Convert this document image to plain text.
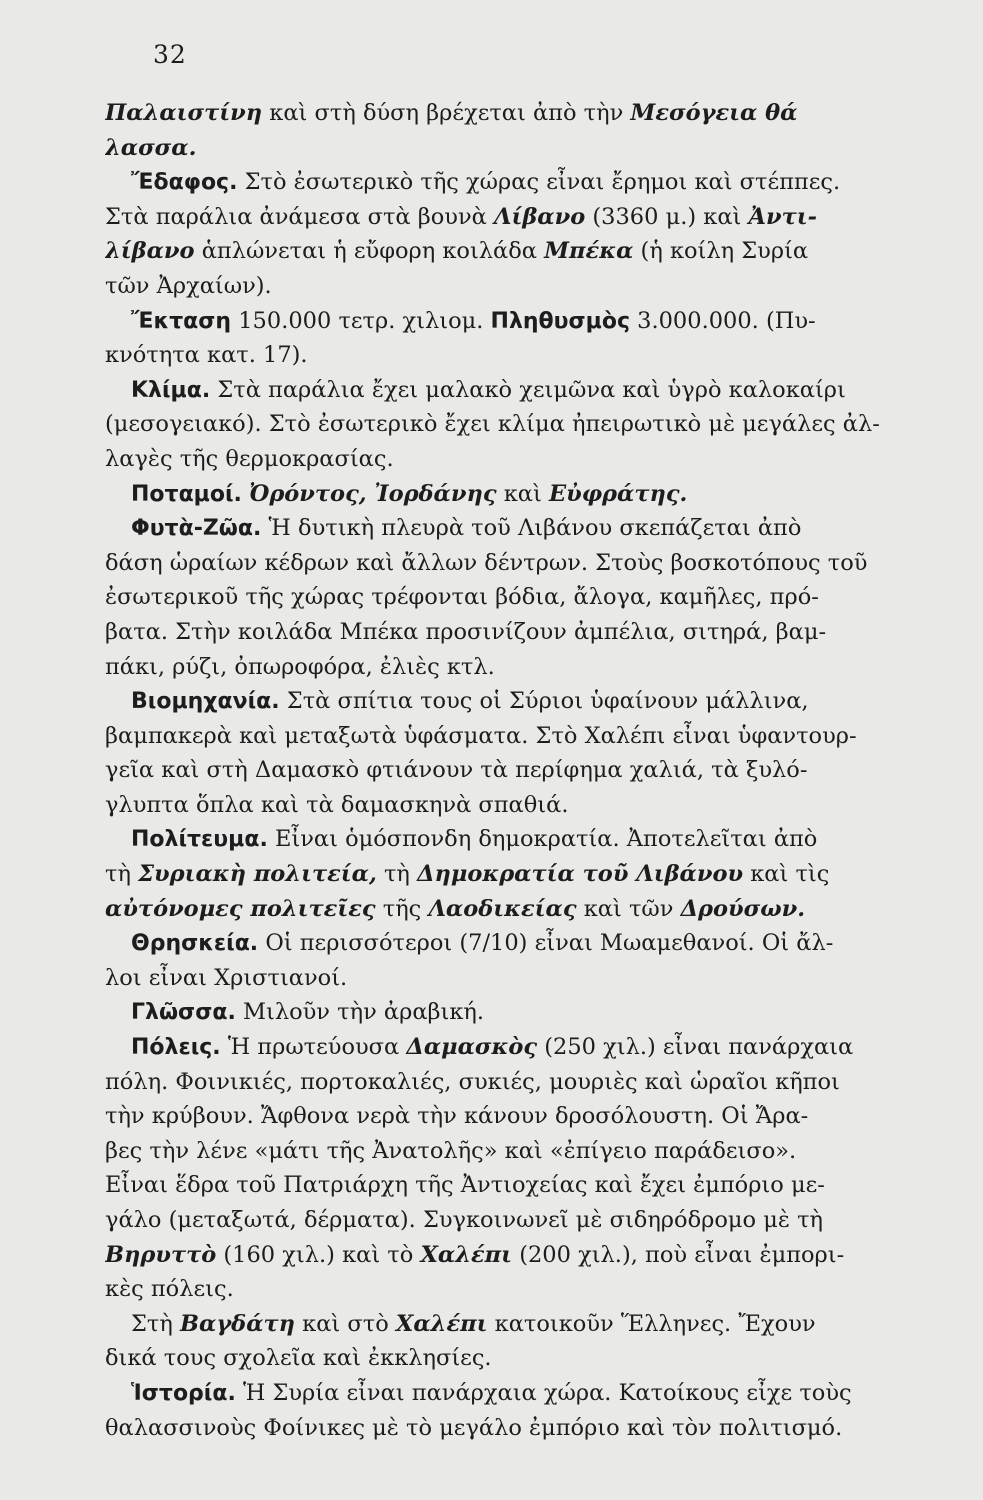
32
Παλαιστίνη καὶ στὴ δύση βρέχεται ἀπὸ τὴν Μεσόγεια θά
λασσα.
Ἔδαφος. Στὸ ἐσωτερικὸ τῆς χώρας εἶναι ἔρημοι καὶ στέππες.
Στὰ παράλια ἀνάμεσα στὰ βουνὰ Λίβανο (3360 μ.) καὶ Ἀντι-
λίβανο ἁπλώνεται ἡ εὔφορη κοιλάδα Μπέκα (ἡ κοίλη Συρία
τῶν Ἀρχαίων).
Ἔκταση 150.000 τετρ. χιλιομ. Πληθυσμὸς 3.000.000. (Πυ-
κνότητα κατ. 17).
Κλίμα. Στὰ παράλια ἔχει μαλακὸ χειμῶνα καὶ ὑγρὸ καλοκαίρι
(μεσογειακό). Στὸ ἐσωτερικὸ ἔχει κλίμα ἠπειρωτικὸ μὲ μεγάλες ἀλ-
λαγὲς τῆς θερμοκρασίας.
Ποταμοί. Ὀρόντος, Ἰορδάνης καὶ Εὐφράτης.
Φυτὰ-Ζῶα. Ἡ δυτικὴ πλευρὰ τοῦ Λιβάνου σκεπάζεται ἀπὸ
δάση ὡραίων κέδρων καὶ ἄλλων δέντρων. Στοὺς βοσκοτόπους τοῦ
ἐσωτερικοῦ τῆς χώρας τρέφονται βόδια, ἄλογα, καμῆλες, πρό-
βατα. Στὴν κοιλάδα Μπέκα προσινίζουν ἀμπέλια, σιτηρά, βαμ-
πάκι, ρύζι, ὀπωροφόρα, ἐλιὲς κτλ.
Βιομηχανία. Στὰ σπίτια τους οἱ Σύριοι ὑφαίνουν μάλλινα,
βαμπακερὰ καὶ μεταξωτὰ ὑφάσματα. Στὸ Χαλέπι εἶναι ὑφαντουρ-
γεῖα καὶ στὴ Δαμασκὸ φτιάνουν τὰ περίφημα χαλιά, τὰ ξυλό-
γλυπτα ὅπλα καὶ τὰ δαμασκηνὰ σπαθιά.
Πολίτευμα. Εἶναι ὁμόσπονδη δημοκρατία. Ἀποτελεῖται ἀπὸ
τὴ Συριακὴ πολιτεία, τὴ Δημοκρατία τοῦ Λιβάνου καὶ τὶς
αὐτόνομες πολιτεῖες τῆς Λαοδικείας καὶ τῶν Δρούσων.
Θρησκεία. Οἱ περισσότεροι (7/10) εἶναι Μωαμεθανοί. Οἱ ἄλ-
λοι εἶναι Χριστιανοί.
Γλῶσσα. Μιλοῦν τὴν ἀραβική.
Πόλεις. Ἡ πρωτεύουσα Δαμασκὸς (250 χιλ.) εἶναι πανάρχαια
πόλη. Φοινικιές, πορτοκαλιές, συκιές, μουριὲς καὶ ὡραῖοι κῆποι
τὴν κρύβουν. Ἄφθονα νερὰ τὴν κάνουν δροσόλουστη. Οἱ Ἄρα-
βες τὴν λένε «μάτι τῆς Ἀνατολῆς» καὶ «ἐπίγειο παράδεισο».
Εἶναι ἕδρα τοῦ Πατριάρχη τῆς Ἀντιοχείας καὶ ἔχει ἐμπόριο με-
γάλο (μεταξωτά, δέρματα). Συγκοινωνεῖ μὲ σιδηρόδρομο μὲ τὴ
Βηρυττὸ (160 χιλ.) καὶ τὸ Χαλέπι (200 χιλ.), ποὺ εἶναι ἐμπορι-
κὲς πόλεις.
Στὴ Βαγδάτη καὶ στὸ Χαλέπι κατοικοῦν Ἕλληνες. Ἔχουν
δικά τους σχολεῖα καὶ ἐκκλησίες.
Ἱστορία. Ἡ Συρία εἶναι πανάρχαια χώρα. Κατοίκους εἶχε τοὺς
θαλασσινοὺς Φοίνικες μὲ τὸ μεγάλο ἐμπόριο καὶ τὸν πολιτισμό.
